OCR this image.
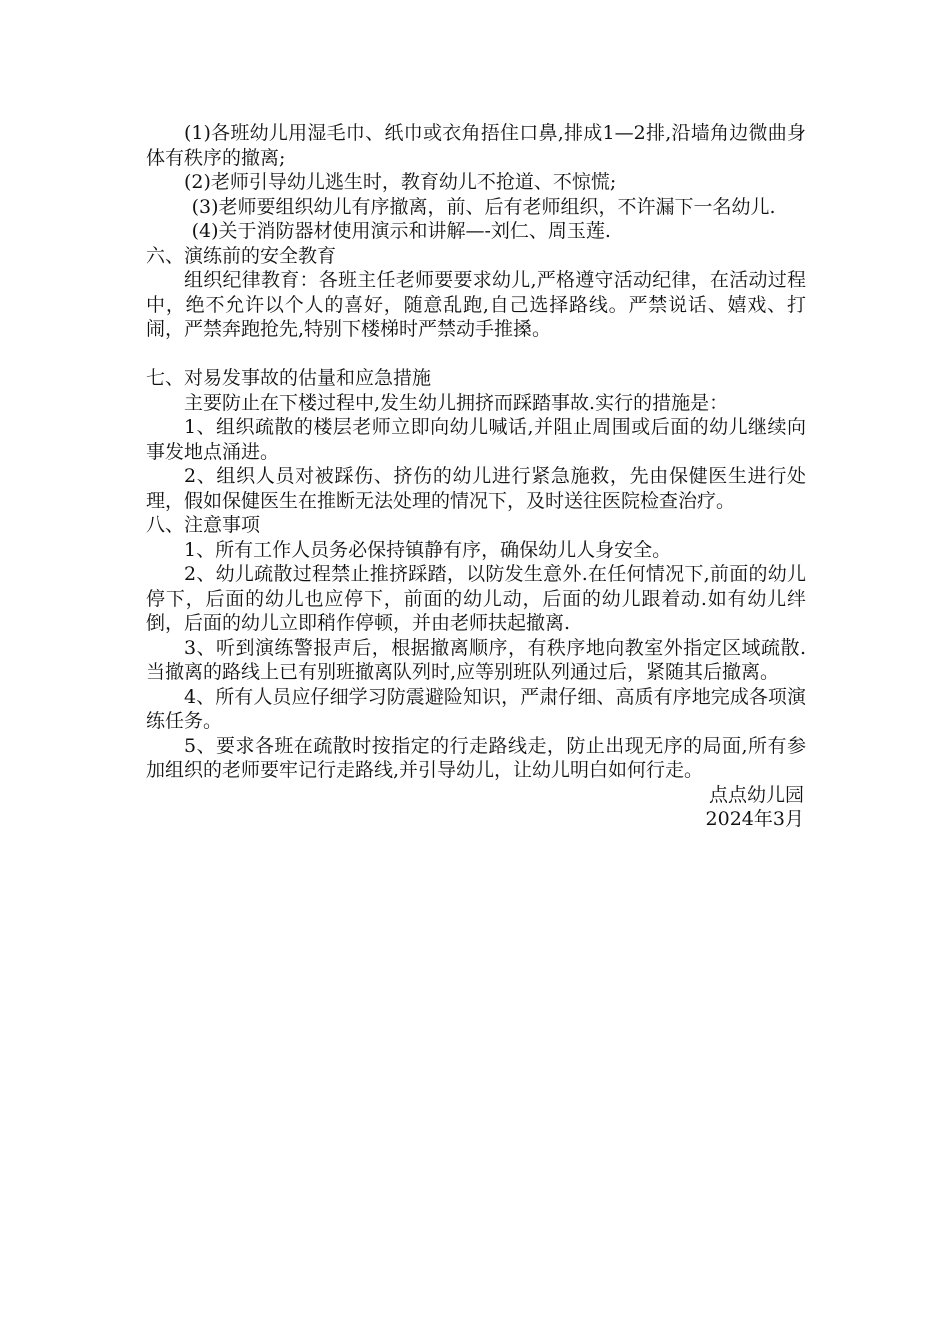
(1)各班幼儿用湿毛巾、纸巾或衣角捂住口鼻,排成1—2排,沿墙角边微曲身体有秩序的撤离;

(2)老师引导幼儿逃生时，教育幼儿不抢道、不惊慌;

(3)老师要组织幼儿有序撤离，前、后有老师组织，不许漏下一名幼儿.

(4)关于消防器材使用演示和讲解—-刘仁、周玉莲.

六、演练前的安全教育

组织纪律教育：各班主任老师要要求幼儿,严格遵守活动纪律，在活动过程中，绝不允许以个人的喜好，随意乱跑,自己选择路线。严禁说话、嬉戏、打闹，严禁奔跑抢先,特别下楼梯时严禁动手推搡。

七、对易发事故的估量和应急措施

主要防止在下楼过程中,发生幼儿拥挤而踩踏事故.实行的措施是：

1、组织疏散的楼层老师立即向幼儿喊话,并阻止周围或后面的幼儿继续向事发地点涌进。

2、组织人员对被踩伤、挤伤的幼儿进行紧急施救，先由保健医生进行处理，假如保健医生在推断无法处理的情况下，及时送往医院检查治疗。

八、注意事项

1、所有工作人员务必保持镇静有序，确保幼儿人身安全。

2、幼儿疏散过程禁止推挤踩踏，以防发生意外.在任何情况下,前面的幼儿停下，后面的幼儿也应停下，前面的幼儿动，后面的幼儿跟着动.如有幼儿绊倒，后面的幼儿立即稍作停顿，并由老师扶起撤离.

3、听到演练警报声后，根据撤离顺序，有秩序地向教室外指定区域疏散.当撤离的路线上已有别班撤离队列时,应等别班队列通过后，紧随其后撤离。

4、所有人员应仔细学习防震避险知识，严肃仔细、高质有序地完成各项演练任务。

5、要求各班在疏散时按指定的行走路线走，防止出现无序的局面,所有参加组织的老师要牢记行走路线,并引导幼儿，让幼儿明白如何行走。

点点幼儿园

2024年3月
